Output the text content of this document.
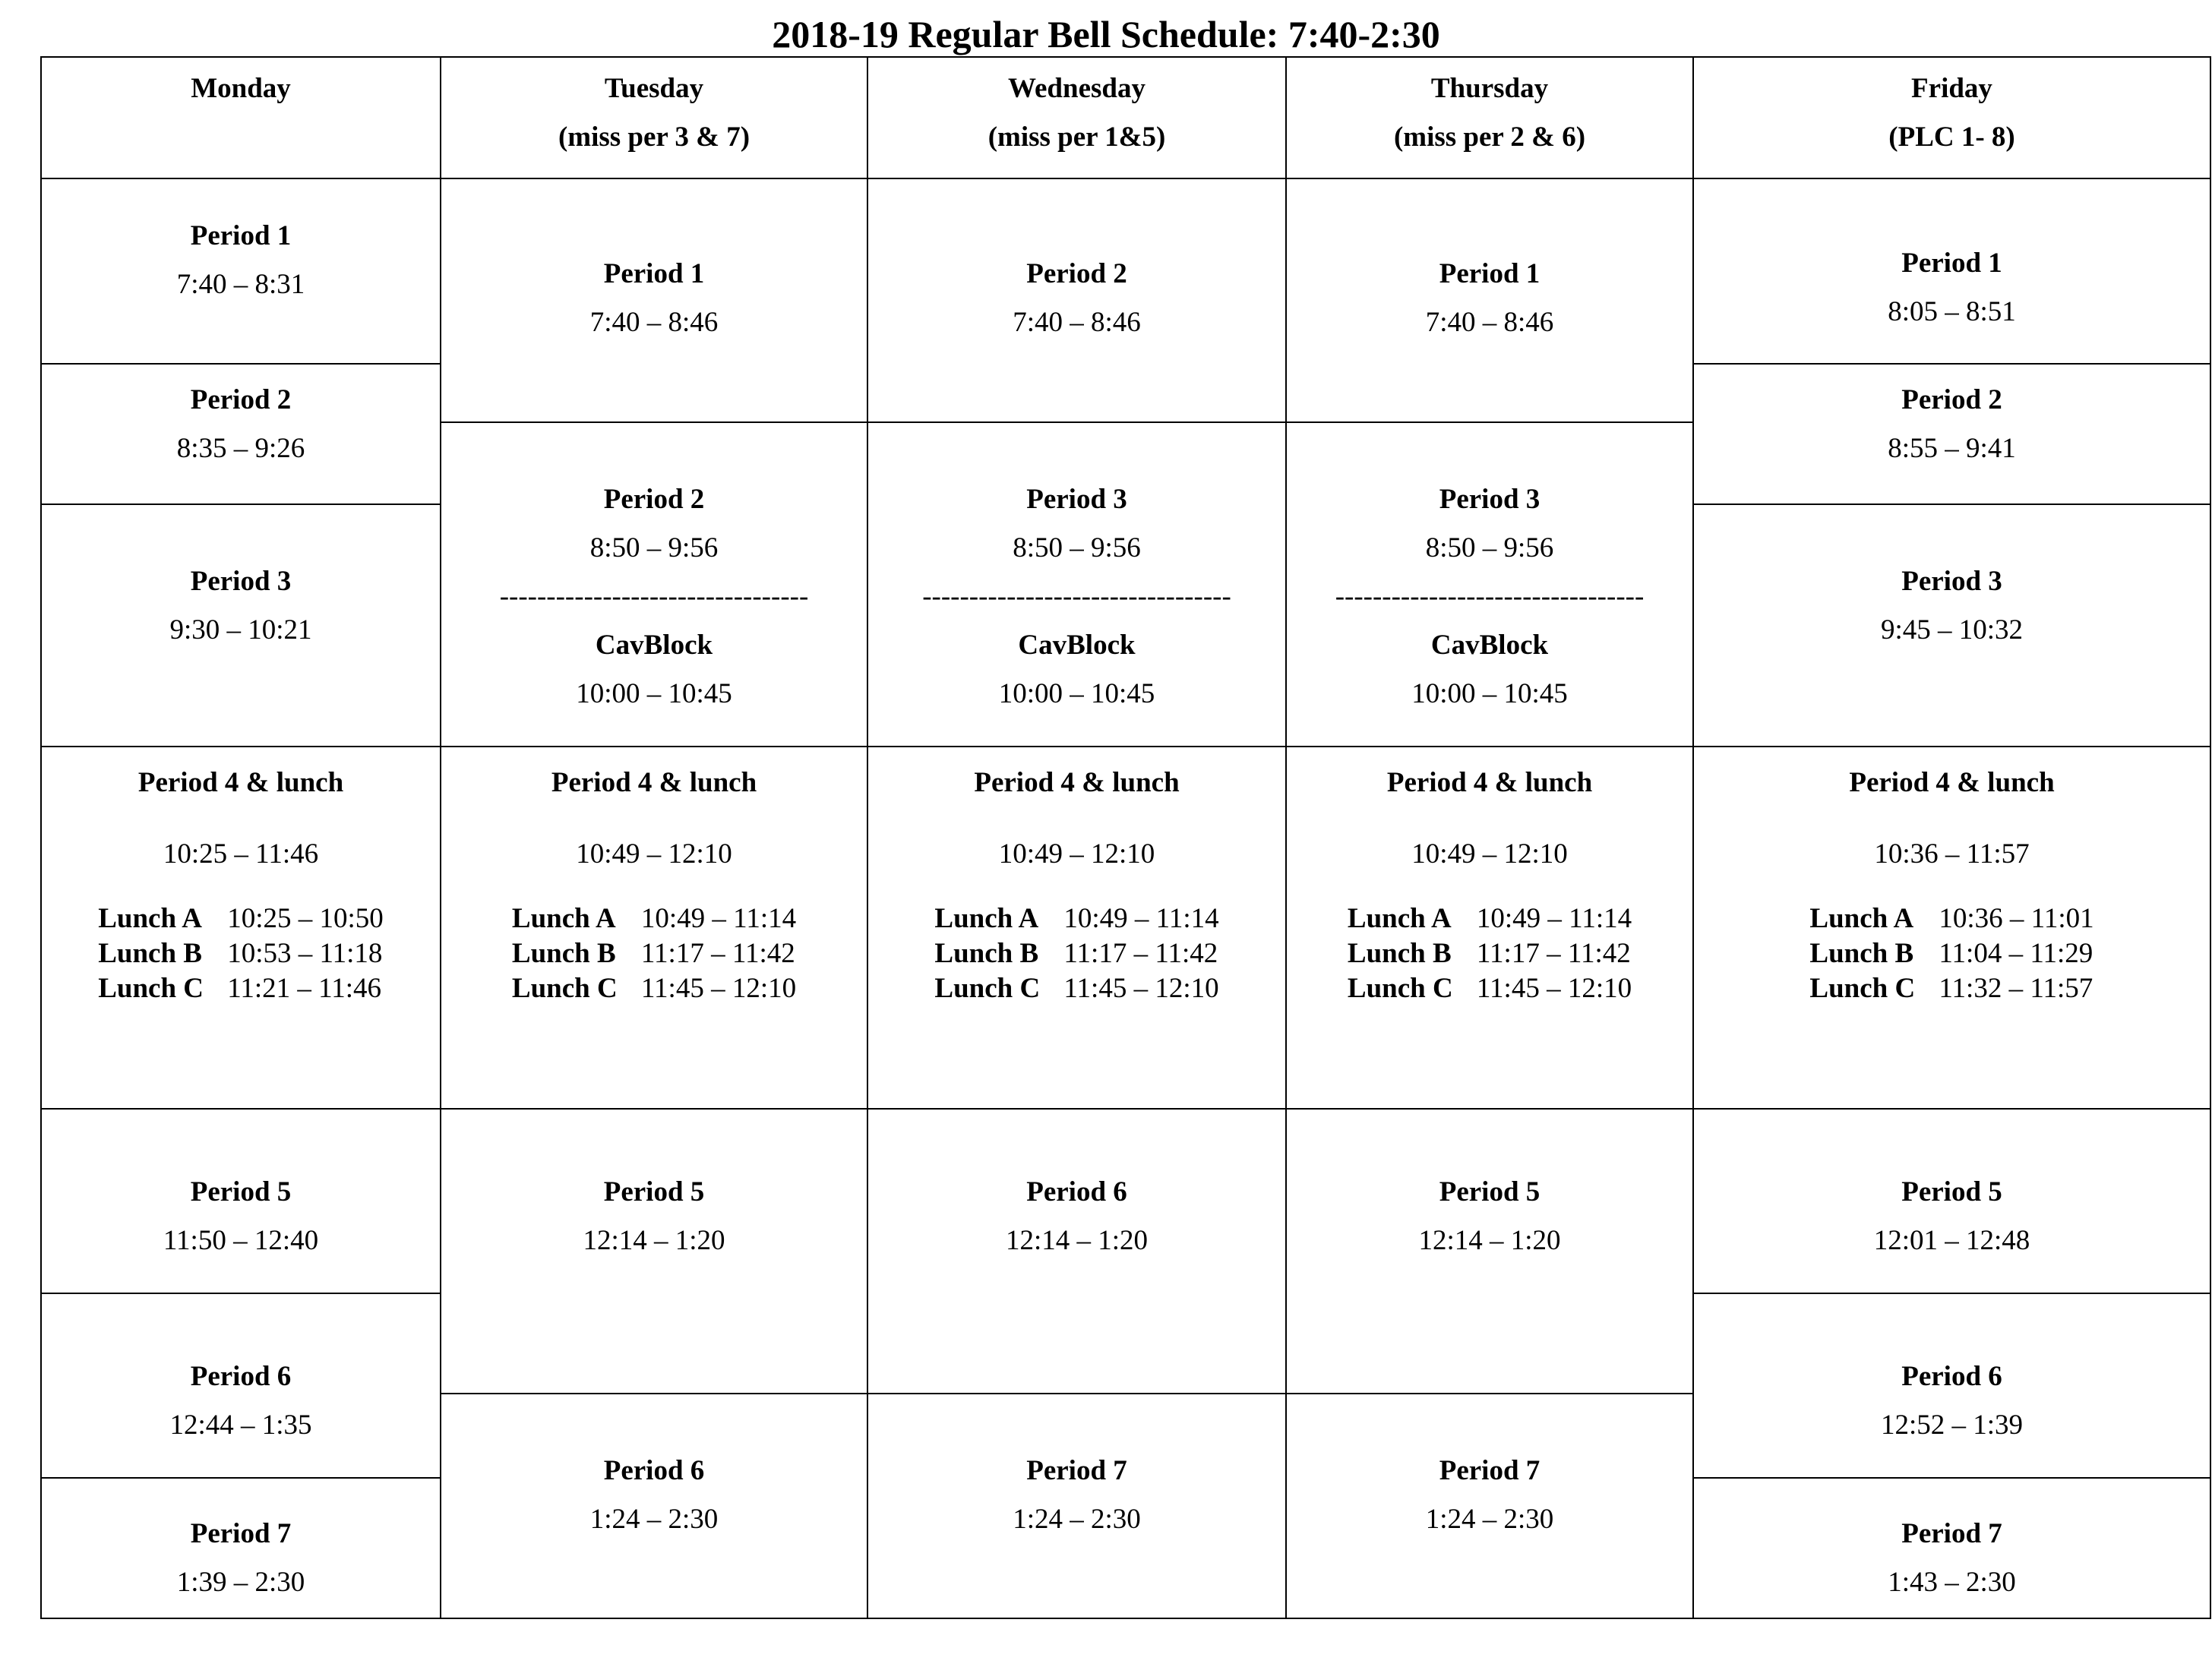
2018-19 Regular Bell Schedule: 7:40-2:30
Monday	Tuesday
(miss per 3 & 7)
Wednesday
(miss per 1&5)
Thursday
(miss per 2 & 6)
Friday
(PLC 1- 8)
Period 1
7:40 – 8:31
Period 2
8:35 – 9:26
Period 3
9:30 – 10:21
Period 5
11:50 – 12:40
Period 6
12:44 – 1:35
Period 7
1:39 – 2:30
Period 1
7:40 – 8:46
Period 2
8:50 – 9:56
---------------------------------
CavBlock
10:00 – 10:45
Period 5
12:14 – 1:20
Period 6
1:24 – 2:30
Period 2
7:40 – 8:46
Period 3
8:50 – 9:56
---------------------------------
CavBlock
10:00 – 10:45
Period 6
12:14 – 1:20
Period 7
1:24 – 2:30
Period 1
7:40 – 8:46
Period 3
8:50 – 9:56
---------------------------------
CavBlock
10:00 – 10:45
Period 5
12:14 – 1:20
Period 7
1:24 – 2:30
Period 1
8:05 – 8:51
Period 2
8:55 – 9:41
Period 3
9:45 – 10:32
Period 5
12:01 – 12:48
Period 6
12:52 – 1:39
Period 7
1:43 – 2:30
Period 4 & lunch
10:25 – 11:46
Lunch A 10:25 – 10:50
Lunch B 10:53 – 11:18
Lunch C 11:21 – 11:46
Period 4 & lunch
10:49 – 12:10
Lunch A 10:49 – 11:14
Lunch B 11:17 – 11:42
Lunch C 11:45 – 12:10
Period 4 & lunch
10:49 – 12:10
Lunch A 10:49 – 11:14
Lunch B 11:17 – 11:42
Lunch C 11:45 – 12:10
Period 4 & lunch
10:49 – 12:10
Lunch A 10:49 – 11:14
Lunch B 11:17 – 11:42
Lunch C 11:45 – 12:10
Period 4 & lunch
10:36 – 11:57
Lunch A 10:36 – 11:01
Lunch B 11:04 – 11:29
Lunch C 11:32 – 11:57
